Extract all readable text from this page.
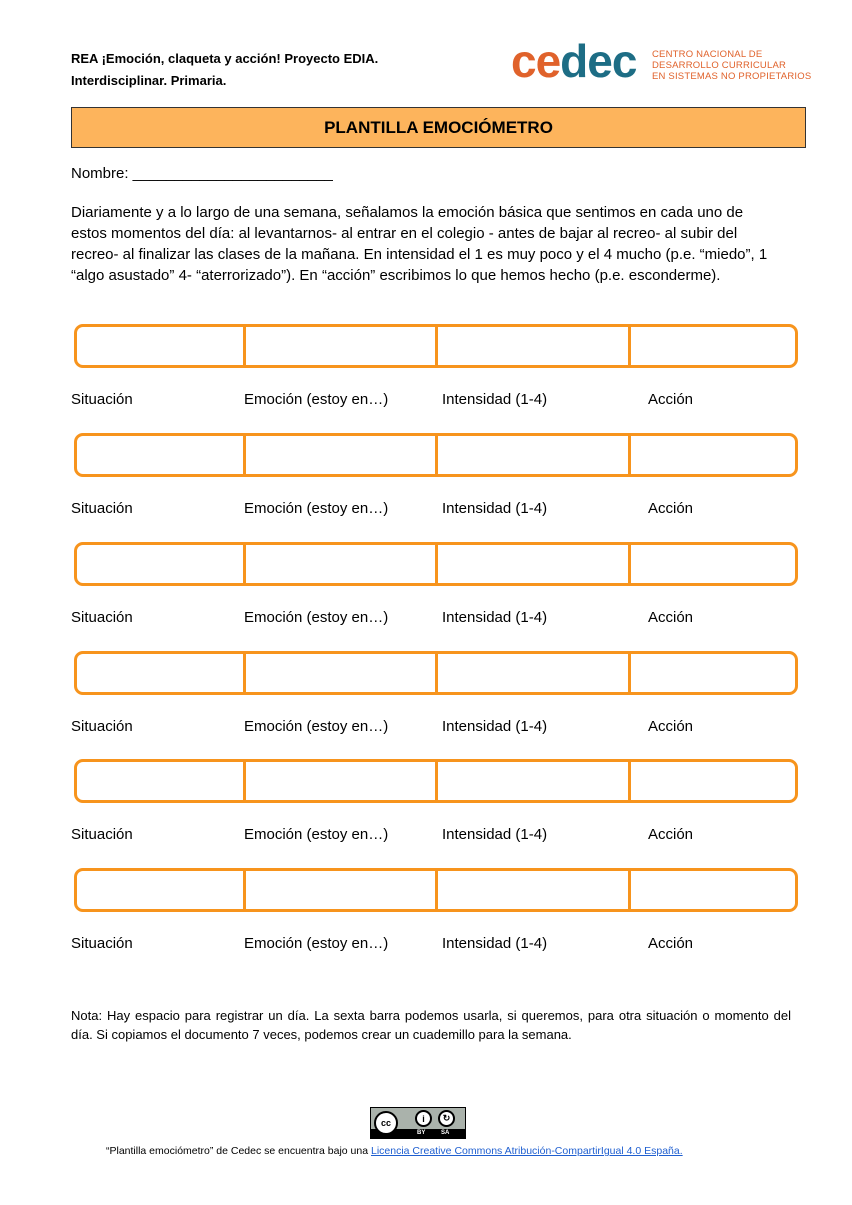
REA ¡Emoción, claqueta y acción! Proyecto EDIA.
Interdisciplinar. Primaria.	cedec CENTRO NACIONAL DE
DESARROLLO CURRICULAR
EN SISTEMAS NO PROPIETARIOS
PLANTILLA EMOCIÓMETRO
Nombre: ________________________
Diariamente y a lo largo de una semana, señalamos la emoción básica que sentimos en cada uno de
estos momentos del día: al levantarnos- al entrar en el colegio - antes de bajar al recreo- al subir del
recreo- al finalizar las clases de la mañana. En intensidad el 1 es muy poco y el 4 mucho (p.e. “miedo”, 1
“algo asustado” 4- “aterrorizado”). En “acción” escribimos lo que hemos hecho (p.e. esconderme).
Situación	Emoción (estoy en…)	Intensidad (1-4)	Acción
Situación	Emoción (estoy en…)	Intensidad (1-4)	Acción
Situación	Emoción (estoy en…)	Intensidad (1-4)	Acción
Situación	Emoción (estoy en…)	Intensidad (1-4)	Acción
Situación	Emoción (estoy en…)	Intensidad (1-4)	Acción
Situación	Emoción (estoy en…)	Intensidad (1-4)	Acción
Nota: Hay espacio para registrar un día. La sexta barra podemos usarla, si queremos, para otra situación o momento del día. Si copiamos el documento 7 veces, podemos crear un cuademillo para la semana.
cc	i	↻
BY	SA
“Plantilla emociómetro” de Cedec se encuentra bajo una Licencia Creative Commons Atribución-CompartirIgual 4.0 España.
